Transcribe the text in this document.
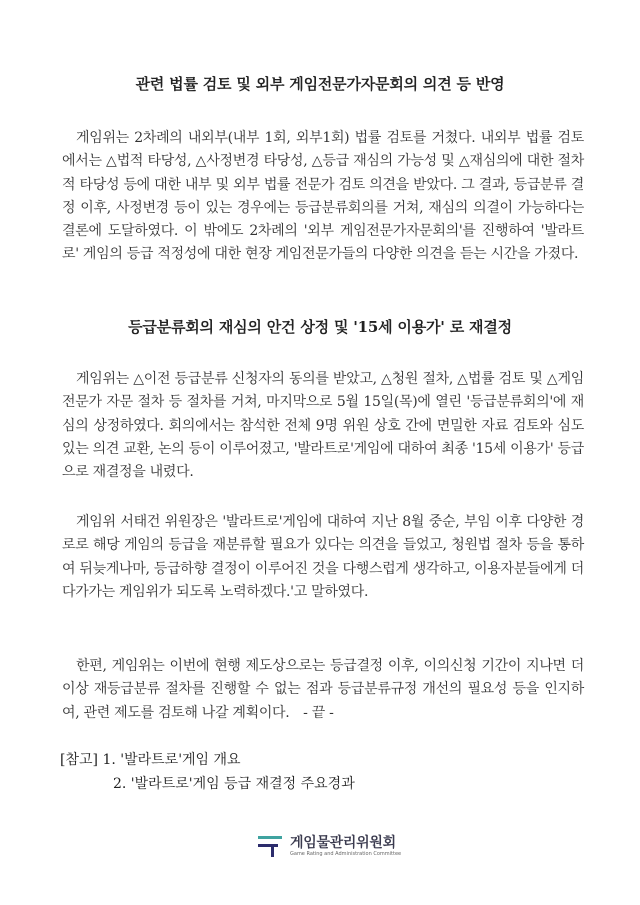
관련 법률 검토 및 외부 게임전문가자문회의 의견 등 반영
게임위는 2차례의 내외부(내부 1회, 외부1회) 법률 검토를 거쳤다. 내외부 법률 검토에서는 △법적 타당성, △사정변경 타당성, △등급 재심의 가능성 및 △재심의에 대한 절차적 타당성 등에 대한 내부 및 외부 법률 전문가 검토 의견을 받았다. 그 결과, 등급분류 결정 이후, 사정변경 등이 있는 경우에는 등급분류회의를 거쳐, 재심의 의결이 가능하다는 결론에 도달하였다. 이 밖에도 2차례의 '외부 게임전문가자문회의'를 진행하여 '발라트로' 게임의 등급 적정성에 대한 현장 게임전문가들의 다양한 의견을 듣는 시간을 가졌다.
등급분류회의 재심의 안건 상정 및 '15세 이용가' 로 재결정
게임위는 △이전 등급분류 신청자의 동의를 받았고, △청원 절차, △법률 검토 및 △게임전문가 자문 절차 등 절차를 거쳐, 마지막으로 5월 15일(목)에 열린 '등급분류회의'에 재심의 상정하였다. 회의에서는 참석한 전체 9명 위원 상호 간에 면밀한 자료 검토와 심도 있는 의견 교환, 논의 등이 이루어졌고, '발라트로'게임에 대하여 최종 '15세 이용가' 등급으로 재결정을 내렸다.
게임위 서태건 위원장은 '발라트로'게임에 대하여 지난 8월 중순, 부임 이후 다양한 경로로 해당 게임의 등급을 재분류할 필요가 있다는 의견을 들었고, 청원법 절차 등을 통하여 뒤늦게나마, 등급하향 결정이 이루어진 것을 다행스럽게 생각하고, 이용자분들에게 더 다가가는 게임위가 되도록 노력하겠다.'고 말하였다.
한편, 게임위는 이번에 현행 제도상으로는 등급결정 이후, 이의신청 기간이 지나면 더 이상 재등급분류 절차를 진행할 수 없는 점과 등급분류규정 개선의 필요성 등을 인지하여, 관련 제도를 검토해 나갈 계획이다.　- 끝 -
[참고] 1. '발라트로'게임 개요
2. '발라트로'게임 등급 재결정 주요경과
게임물관리위원회
Game Rating and Administration Committee
